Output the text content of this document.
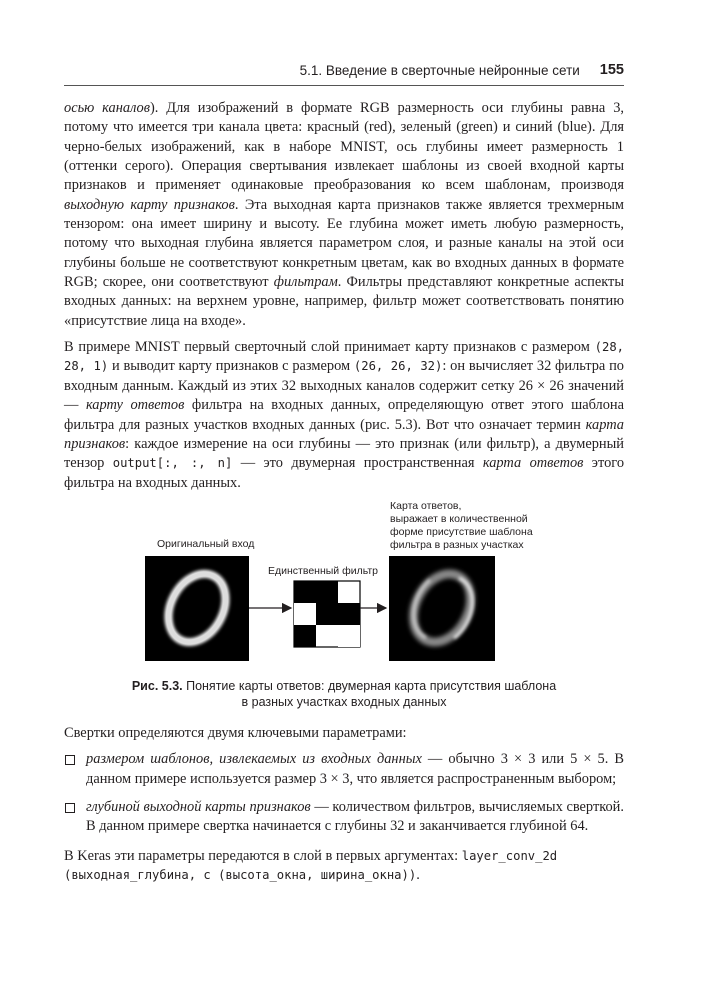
5.1. Введение в сверточные нейронные сети 155

осью каналов). Для изображений в формате RGB размерность оси глубины равна 3, потому что имеется три канала цвета: красный (red), зеленый (green) и синий (blue). Для черно-белых изображений, как в наборе MNIST, ось глубины имеет размерность 1 (оттенки серого). Операция свертывания извлекает шаблоны из своей входной карты признаков и применяет одинаковые преобразования ко всем шаблонам, производя выходную карту признаков. Эта выходная карта признаков также является трехмерным тензором: она имеет ширину и высоту. Ее глубина может иметь любую размерность, потому что выходная глубина является параметром слоя, и разные каналы на этой оси глубины больше не соответствуют конкретным цветам, как во входных данных в формате RGB; скорее, они соответствуют фильтрам. Фильтры представляют конкретные аспекты входных данных: на верхнем уровне, например, фильтр может соответствовать понятию «присутствие лица на входе».

В примере MNIST первый сверточный слой принимает карту признаков с размером (28, 28, 1) и выводит карту признаков с размером (26, 26, 32): он вычисляет 32 фильтра по входным данным. Каждый из этих 32 выходных каналов содержит сетку 26 × 26 значений — карту ответов фильтра на входных данных, определяющую ответ этого шаблона фильтра для разных участков входных данных (рис. 5.3). Вот что означает термин карта признаков: каждое измерение на оси глубины — это признак (или фильтр), а двумерный тензор output[:, :, n] — это двумерная пространственная карта ответов этого фильтра на входных данных.

Карта ответов,
выражает в количественной
форме присутствие шаблона
фильтра в разных участках
Оригинальный вход
Единственный фильтр
Рис. 5.3. Понятие карты ответов: двумерная карта присутствия шаблона
в разных участках входных данных

Свертки определяются двумя ключевыми параметрами:

размером шаблонов, извлекаемых из входных данных — обычно 3 × 3 или 5 × 5. В данном примере используется размер 3 × 3, что является распространенным выбором;
глубиной выходной карты признаков — количеством фильтров, вычисляемых сверткой. В данном примере свертка начинается с глубины 32 и заканчивается глубиной 64.

В Keras эти параметры передаются в слой в первых аргументах: layer_conv_2d
(выходная_глубина, c (высота_окна, ширина_окна)).
